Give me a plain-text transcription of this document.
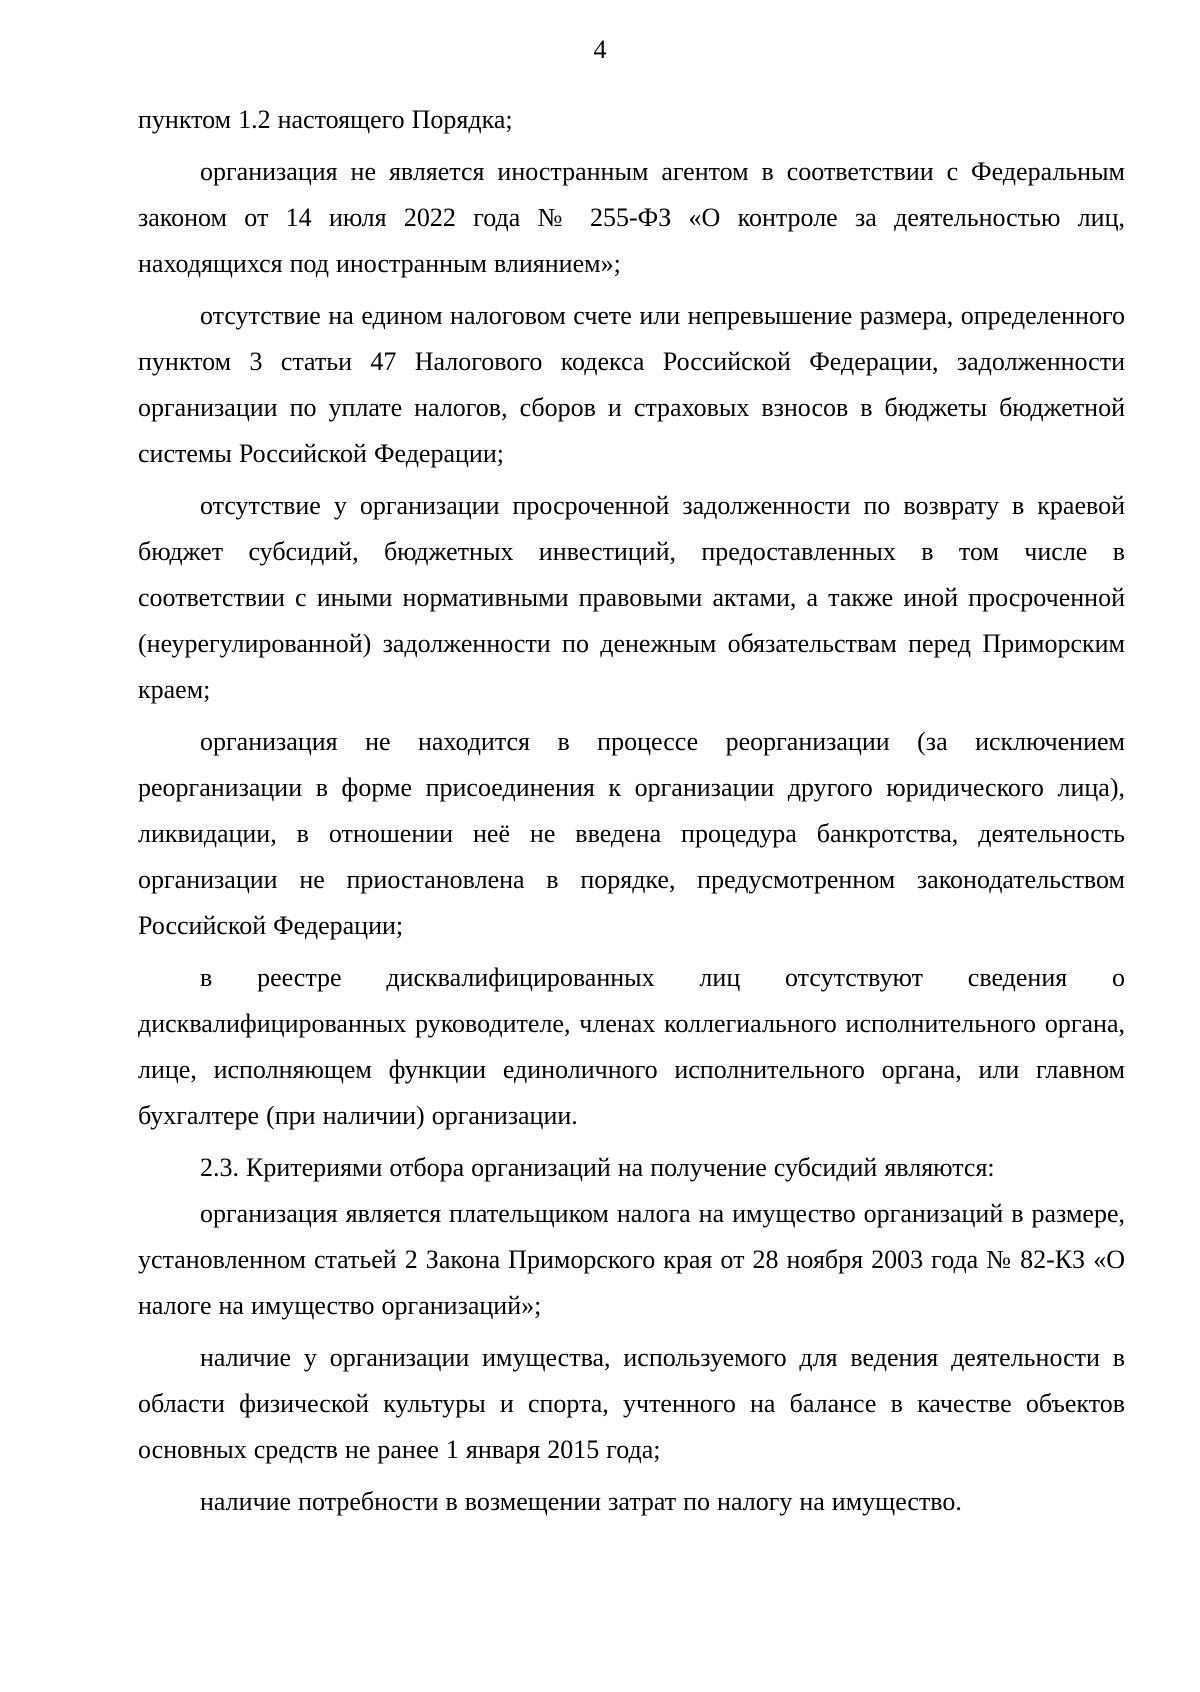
4

пунктом 1.2 настоящего Порядка;

организация не является иностранным агентом в соответствии с Федеральным законом от 14 июля 2022 года № 255-ФЗ «О контроле за деятельностью лиц, находящихся под иностранным влиянием»;

отсутствие на едином налоговом счете или непревышение размера, определенного пунктом 3 статьи 47 Налогового кодекса Российской Федерации, задолженности организации по уплате налогов, сборов и страховых взносов в бюджеты бюджетной системы Российской Федерации;

отсутствие у организации просроченной задолженности по возврату в краевой бюджет субсидий, бюджетных инвестиций, предоставленных в том числе в соответствии с иными нормативными правовыми актами, а также иной просроченной (неурегулированной) задолженности по денежным обязательствам перед Приморским краем;

организация не находится в процессе реорганизации (за исключением реорганизации в форме присоединения к организации другого юридического лица), ликвидации, в отношении неё не введена процедура банкротства, деятельность организации не приостановлена в порядке, предусмотренном законодательством Российской Федерации;

в реестре дисквалифицированных лиц отсутствуют сведения о дисквалифицированных руководителе, членах коллегиального исполнительного органа, лице, исполняющем функции единоличного исполнительного органа, или главном бухгалтере (при наличии) организации.

2.3. Критериями отбора организаций на получение субсидий являются:

организация является плательщиком налога на имущество организаций в размере, установленном статьей 2 Закона Приморского края от 28 ноября 2003 года № 82-КЗ «О налоге на имущество организаций»;

наличие у организации имущества, используемого для ведения деятельности в области физической культуры и спорта, учтенного на балансе в качестве объектов основных средств не ранее 1 января 2015 года;

наличие потребности в возмещении затрат по налогу на имущество.
